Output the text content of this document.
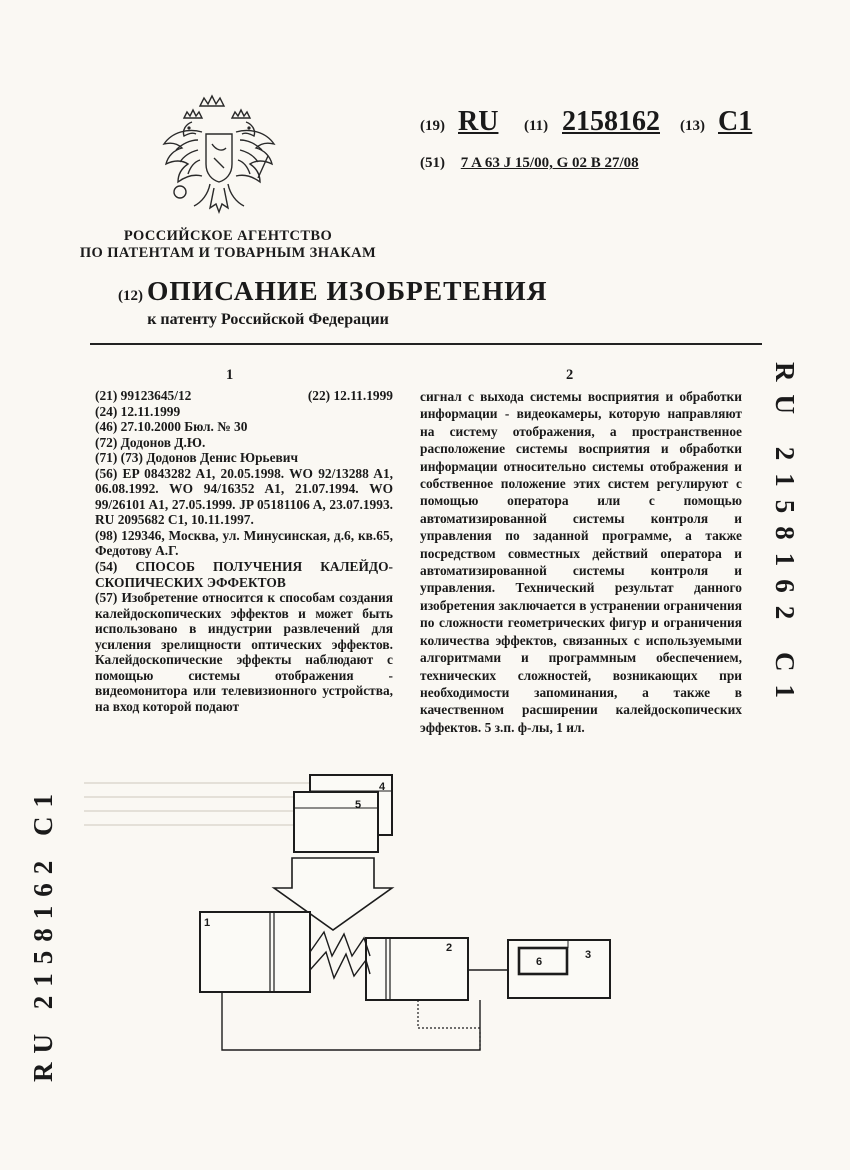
РОССИЙСКОЕ АГЕНТСТВО
ПО ПАТЕНТАМ И ТОВАРНЫМ ЗНАКАМ
(19) RU (11) 2158162 (13) C1
(51) 7 A 63 J 15/00, G 02 B 27/08
(12) ОПИСАНИЕ ИЗОБРЕТЕНИЯ
к патенту Российской Федерации
1	2
(21) 99123645/12	(22) 12.11.1999
(24) 12.11.1999
(46) 27.10.2000 Бюл. № 30
(72) Додонов Д.Ю.
(71) (73) Додонов Денис Юрьевич
(56) EP 0843282 A1, 20.05.1998. WO 92/13288 A1, 06.08.1992. WO 94/16352 A1, 21.07.1994. WO 99/26101 A1, 27.05.1999. JP 05181106 A, 23.07.1993. RU 2095682 C1, 10.11.1997.
(98) 129346, Москва, ул. Минусинская, д.6, кв.65, Федотову А.Г.
(54) СПОСОБ ПОЛУЧЕНИЯ КАЛЕЙДО-СКОПИЧЕСКИХ ЭФФЕКТОВ
(57) Изобретение относится к способам создания калейдоскопических эффектов и может быть использовано в индустрии развлечений для усиления зрелищности оптических эффектов. Калейдоскопические эффекты наблюдают с помощью системы отображения - видеомонитора или телевизионного устройства, на вход которой подают
сигнал с выхода системы восприятия и обработки информации - видеокамеры, которую направляют на систему отображения, а пространственное расположение системы восприятия и обработки информации относительно системы отображения и собственное положение этих систем регулируют с помощью оператора или с помощью автоматизированной системы контроля и управления по заданной программе, а также посредством совместных действий оператора и автоматизированной системы контроля и управления. Технический результат данного изобретения заключается в устранении ограничения по сложности геометрических фигур и ограничения количества эффектов, связанных с используемыми алгоритмами и программным обеспечением, технических сложностей, возникающих при необходимости запоминания, а также в качественном расширении калейдоскопических эффектов. 5 з.п. ф-лы, 1 ил.
RU 2158162 C1
RU 2158162 C1	1
2
3
4
5
6
